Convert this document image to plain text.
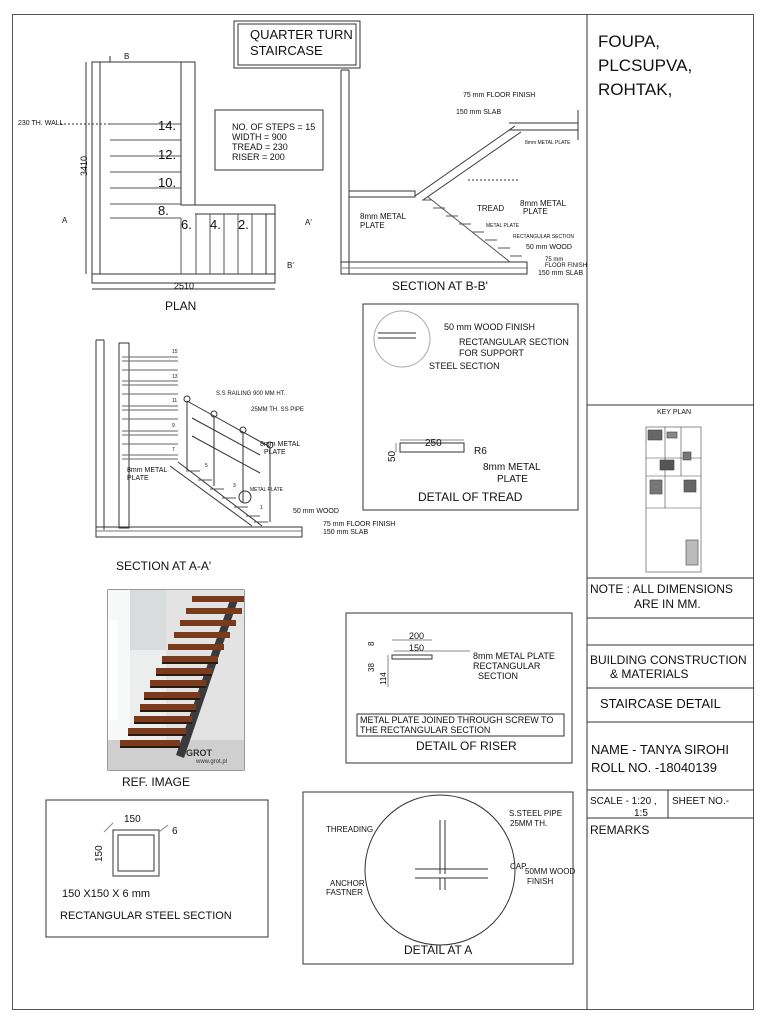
FOUPA,
PLCSUPVA,
ROHTAK,
KEY PLAN
NOTE : ALL DIMENSIONS
ARE IN MM.
BUILDING CONSTRUCTION
& MATERIALS
STAIRCASE DETAIL
NAME - TANYA SIROHI
ROLL NO. -18040139
SCALE - 1:20 ,
1:5
SHEET NO.-
REMARKS
QUARTER TURN
STAIRCASE
B
230 TH. WALL
3410
14.
12.
10.
8.
6. 4. 2.
A	A'
B'
2510
PLAN
NO. OF STEPS = 15
WIDTH = 900
TREAD = 230
RISER = 200
75 mm FLOOR FINISH
150 mm SLAB
8mm METAL PLATE
8mm METAL
PLATE
TREAD
8mm METAL
PLATE
METAL PLATE
RECTANGULAR SECTION
50 mm WOOD
75 mm
FLOOR FINISH
150 mm SLAB
SECTION AT B-B'
15
13
11
9
7
5
3
1
S.S RAILING 900 MM HT.
25MM TH. SS PIPE
8mm METAL
PLATE
8mm METAL
PLATE
METAL PLATE
50 mm WOOD
75 mm FLOOR FINISH
150 mm SLAB
SECTION AT A-A'
50 mm WOOD FINISH
RECTANGULAR SECTION
FOR SUPPORT
STEEL SECTION
250
50	R6
8mm METAL
PLATE
DETAIL OF TREAD
GROT
www.grot.pl
REF. IMAGE
200
150
8
38
114
8mm METAL PLATE
RECTANGULAR
SECTION
METAL PLATE JOINED THROUGH SCREW TO
THE RECTANGULAR SECTION
DETAIL OF RISER
150
6
150
150 X150 X 6 mm
RECTANGULAR STEEL SECTION
S.STEEL PIPE
25MM TH.
THREADING
CAP
50MM WOOD
FINISH
ANCHOR
FASTNER
DETAIL AT A
